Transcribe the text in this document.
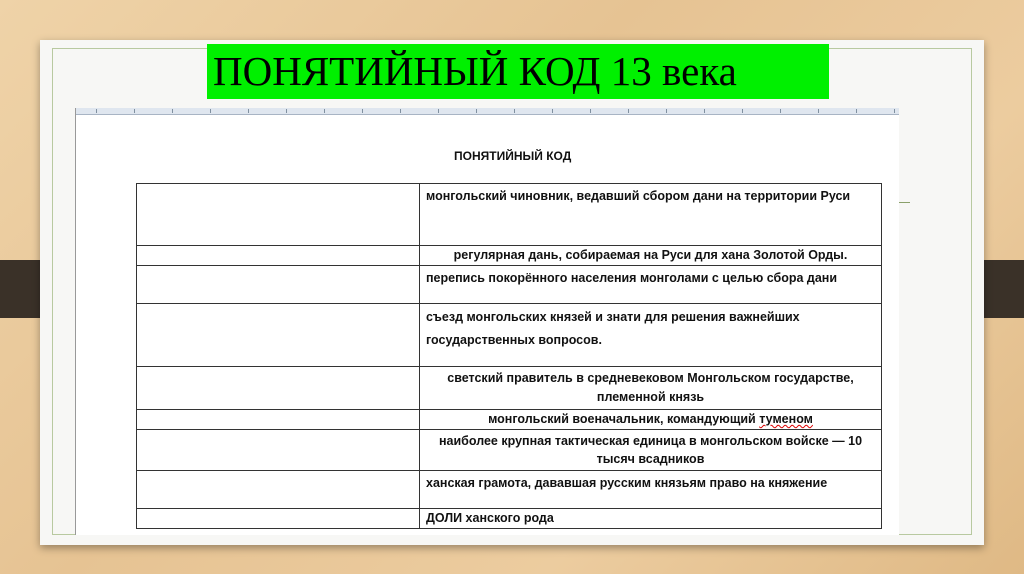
ПОНЯТИЙНЫЙ КОД 13 века
ПОНЯТИЙНЫЙ КОД
	монгольский чиновник, ведавший сбором дани на территории Руси
	регулярная дань, собираемая на Руси для хана Золотой Орды.
	перепись покорённого населения монголами с целью сбора дани
	съезд монгольских князей и знати для решения важнейших государственных вопросов.
	светский правитель в средневековом Монгольском государстве, племенной князь
	монгольский военачальник, командующий туменом
	наиболее крупная тактическая единица в монгольском войске — 10 тысяч всадников
	ханская грамота, дававшая русским князьям право на княжение
	ДОЛИ ханского рода
